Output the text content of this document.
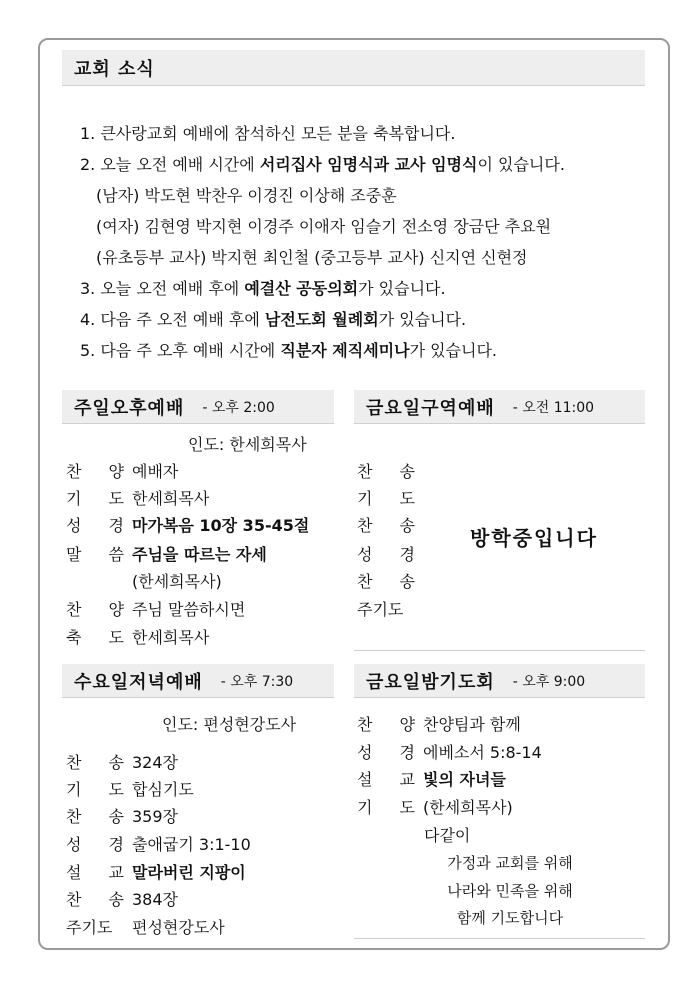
교회 소식
1. 큰사랑교회 예배에 참석하신 모든 분을 축복합니다.
2. 오늘 오전 예배 시간에 서리집사 임명식과 교사 임명식이 있습니다.
(남자) 박도현 박찬우 이경진 이상해 조중훈
(여자) 김현영 박지현 이경주 이애자 임슬기 전소영 장금단 추요원
(유초등부 교사) 박지현 최인철 (중고등부 교사) 신지연 신현정
3. 오늘 오전 예배 후에 예결산 공동의회가 있습니다.
4. 다음 주 오전 예배 후에 남전도회 월례회가 있습니다.
5. 다음 주 오후 예배 시간에 직분자 제직세미나가 있습니다.
주일오후예배 - 오후 2:00
인도: 한세희목사
찬 양
예배자
기 도
한세희목사
성 경
마가복음 10장 35-45절
말 씀
주님을 따르는 자세
(한세희목사)
찬 양
주님 말씀하시면
축 도
한세희목사
금요일구역예배 - 오전 11:00
찬 송
기 도
찬 송
성 경
찬 송
주기도
방학중입니다
수요일저녁예배 - 오후 7:30
인도: 편성현강도사
찬 송
324장
기 도
합심기도
찬 송
359장
성 경
출애굽기 3:1-10
설 교
말라버린 지팡이
찬 송
384장
주기도	편성현강도사
금요일밤기도회 - 오후 9:00
찬 양
찬양팀과 함께
성 경
에베소서 5:8-14
설 교
빛의 자녀들
기 도
(한세희목사)
다같이
가정과 교회를 위해
나라와 민족을 위해
함께 기도합니다
